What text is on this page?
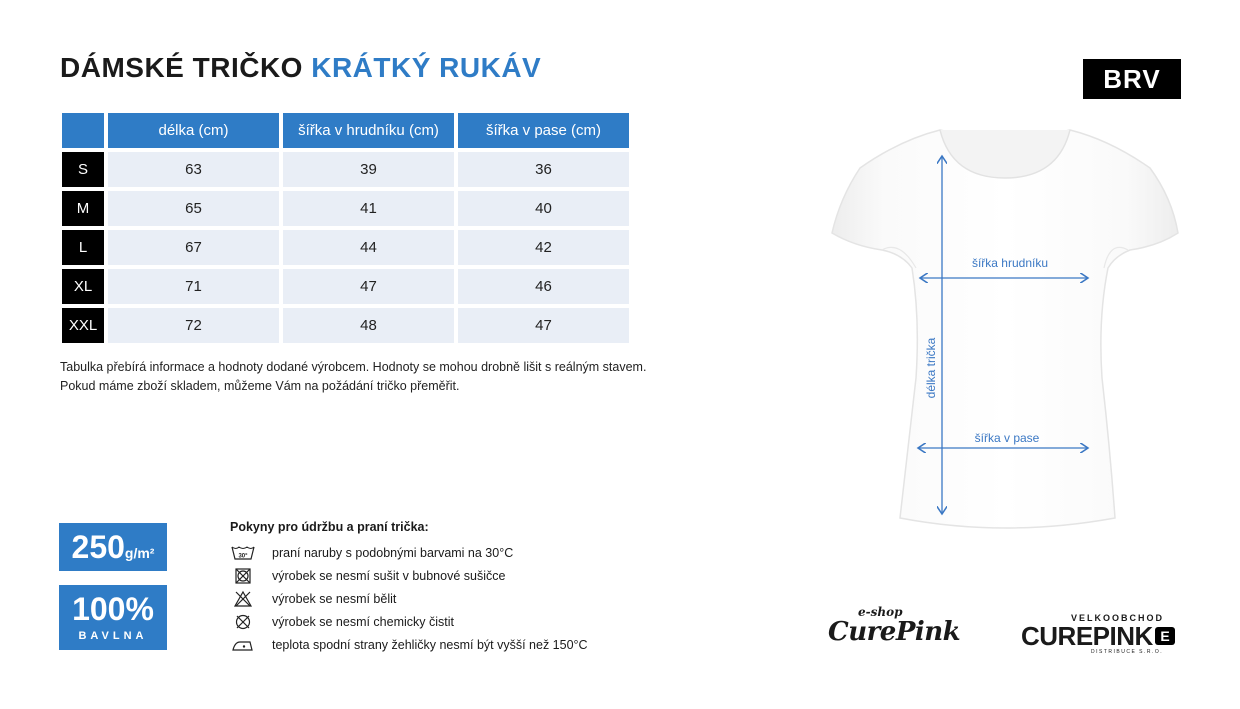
DÁMSKÉ TRIČKO KRÁTKÝ RUKÁV	BRV
	délka (cm)	šířka v hrudníku (cm)	šířka v pase (cm)
S	63	39	36
M	65	41	40
L	67	44	42
XL	71	47	46
XXL	72	48	47
Tabulka přebírá informace a hodnoty dodané výrobcem. Hodnoty se mohou drobně lišit s reálným stavem.
Pokud máme zboží skladem, můžeme Vám na požádání tričko přeměřit.
250g/m²
100%
BAVLNA
Pokyny pro údržbu a praní trička:
30° praní naruby s podobnými barvami na 30°C
výrobek se nesmí sušit v bubnové sušičce
výrobek se nesmí bělit
výrobek se nesmí chemicky čistit
teplota spodní strany žehličky nesmí být vyšší než 150°C
šířka hrudníku
šířka v pase
délka trička
e-shop
CurePink	VELKOOBCHOD
CUREPINK E
DISTRIBUCE S.R.O.
